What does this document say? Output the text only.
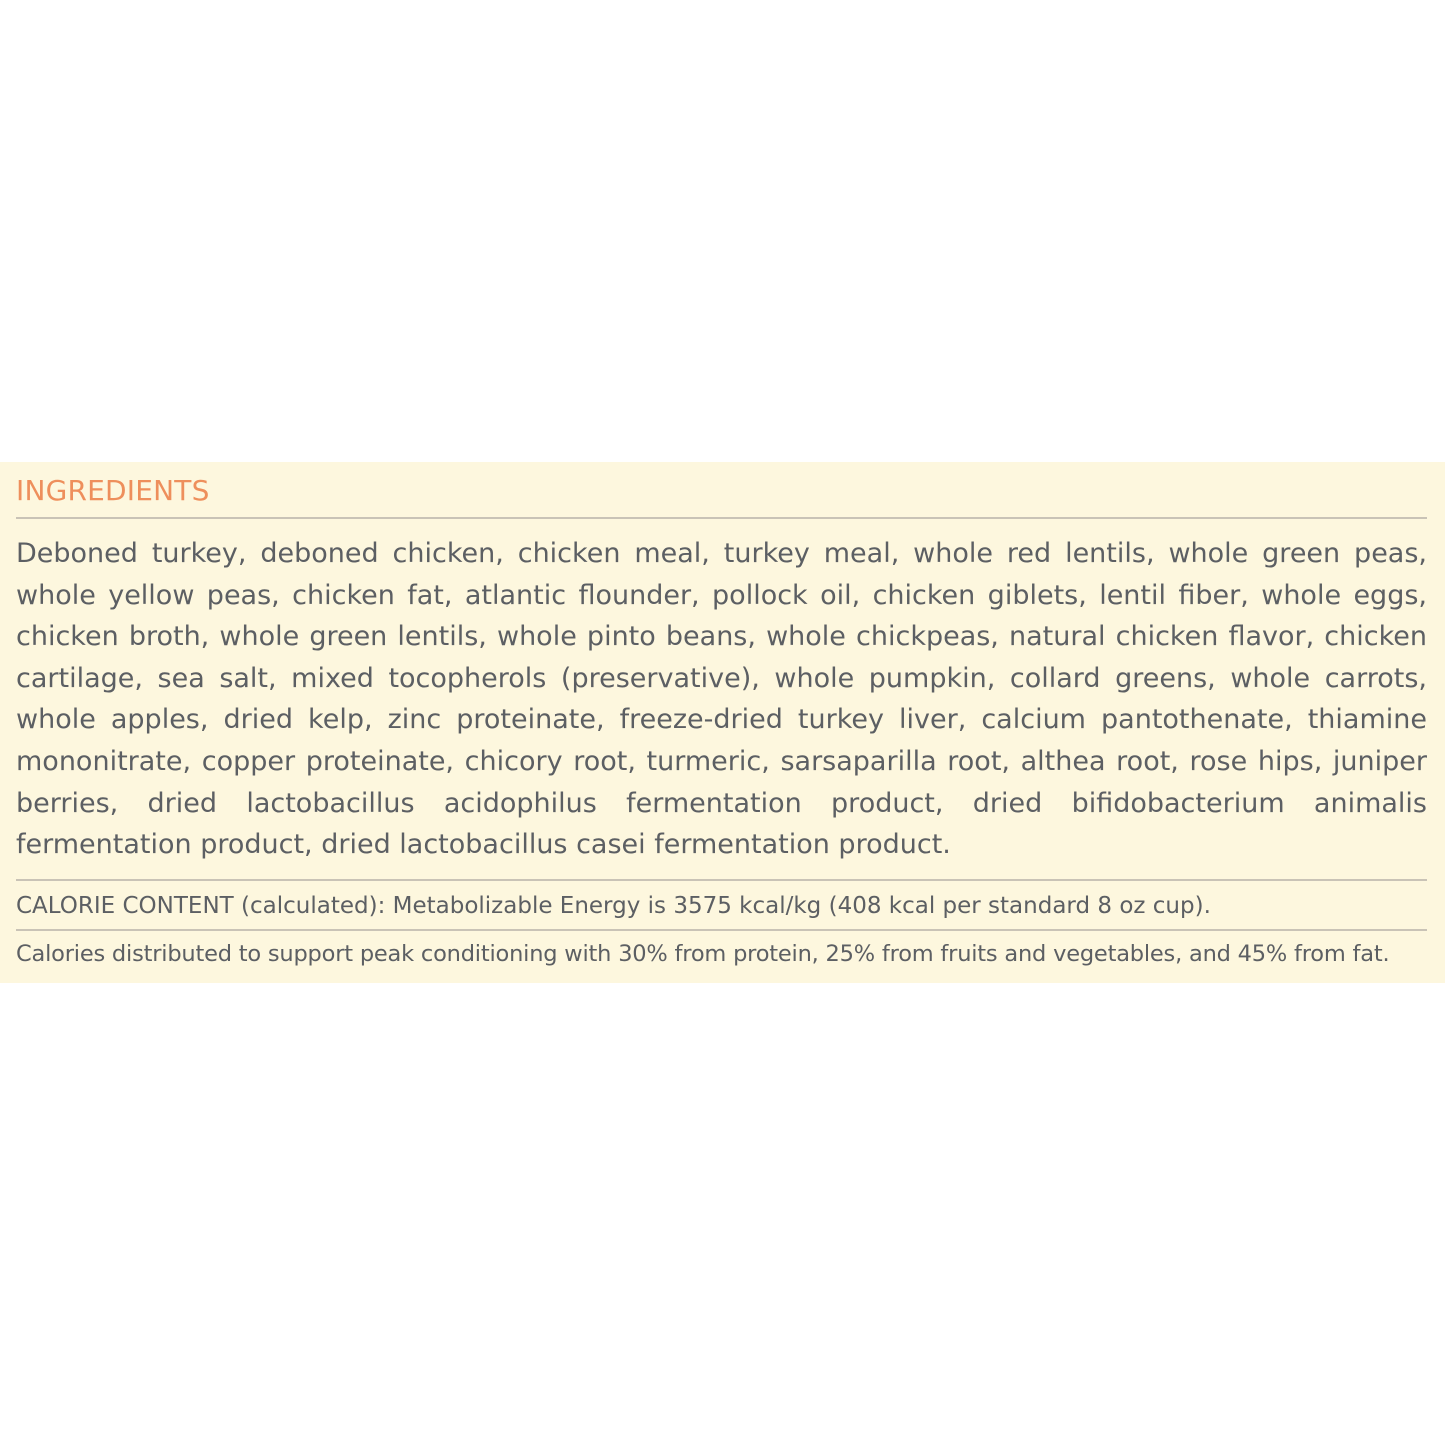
INGREDIENTS
Deboned turkey, deboned chicken, chicken meal, turkey meal, whole red lentils, whole green peas, whole yellow peas, chicken fat, atlantic flounder, pollock oil, chicken giblets, lentil fiber, whole eggs, chicken broth, whole green lentils, whole pinto beans, whole chickpeas, natural chicken flavor, chicken cartilage, sea salt, mixed tocopherols (preservative), whole pumpkin, collard greens, whole carrots, whole apples, dried kelp, zinc proteinate, freeze-dried turkey liver, calcium pantothenate, thiamine mononitrate, copper proteinate, chicory root, turmeric, sarsaparilla root, althea root, rose hips, juniper berries, dried lactobacillus acidophilus fermentation product, dried bifidobacterium animalis fermentation product, dried lactobacillus casei fermentation product.
CALORIE CONTENT (calculated): Metabolizable Energy is 3575 kcal/kg (408 kcal per standard 8 oz cup).
Calories distributed to support peak conditioning with 30% from protein, 25% from fruits and vegetables, and 45% from fat.
